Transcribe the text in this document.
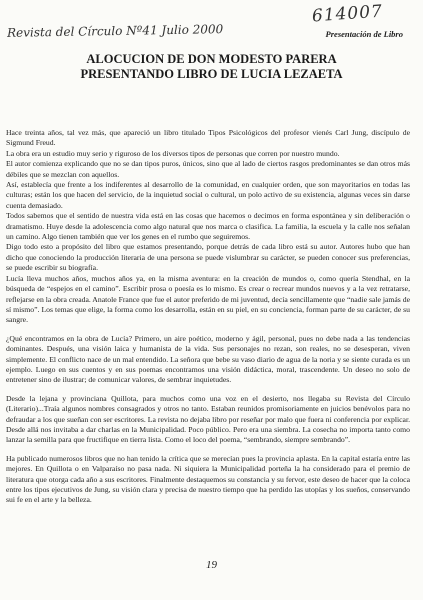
Revista del Círculo Nº41 Julio 2000
614007
Presentación de Libro
ALOCUCION DE DON MODESTO PARERA
PRESENTANDO LIBRO DE LUCIA LEZAETA

Hace treinta años, tal vez más, que apareció un libro titulado Tipos Psicológicos del profesor vienés Carl Jung, discípulo de Sigmund Freud.

La obra era un estudio muy serio y riguroso de los diversos tipos de personas que corren por nuestro mundo.

El autor comienza explicando que no se dan tipos puros, únicos, sino que al lado de ciertos rasgos predominantes se dan otros más débiles que se mezclan con aquellos.

Así, establecía que frente a los indiferentes al desarrollo de la comunidad, en cualquier orden, que son mayoritarios en todas las culturas; están los que hacen del servicio, de la inquietud social o cultural, un polo activo de su existencia, algunas veces sin darse cuenta demasiado.

Todos sabemos que el sentido de nuestra vida está en las cosas que hacemos o decimos en forma espontánea y sin deliberación o dramatismo. Huye desde la adolescencia como algo natural que nos marca o clasifica. La familia, la escuela y la calle nos señalan un camino. Algo tienen también que ver los genes en el rumbo que seguiremos.

Digo todo esto a propósito del libro que estamos presentando, porque detrás de cada libro está su autor. Autores hubo que han dicho que conociendo la producción literaria de una persona se puede vislumbrar su carácter, se pueden conocer sus preferencias, se puede escribir su biografía.

Lucía lleva muchos años, muchos años ya, en la misma aventura: en la creación de mundos o, como quería Stendhal, en la búsqueda de “espejos en el camino”. Escribir prosa o poesía es lo mismo. Es crear o recrear mundos nuevos y a la vez retratarse, reflejarse en la obra creada. Anatole France que fue el autor preferido de mi juventud, decía sencillamente que “nadie sale jamás de sí mismo”. Los temas que elige, la forma como los desarrolla, están en su piel, en su conciencia, forman parte de su carácter, de su sangre.

¿Qué encontramos en la obra de Lucía? Primero, un aire poético, moderno y ágil, personal, pues no debe nada a las tendencias dominantes. Después, una visión laica y humanista de la vida. Sus personajes no rezan, son reales, no se desesperan, viven simplemente. El conflicto nace de un mal entendido. La señora que bebe su vaso diario de agua de la noria y se siente curada es un ejemplo. Luego en sus cuentos y en sus poemas encontramos una visión didáctica, moral, trascendente. Un deseo no solo de entretener sino de ilustrar; de comunicar valores, de sembrar inquietudes.

Desde la lejana y provinciana Quillota, para muchos como una voz en el desierto, nos llegaba su Revista del Círculo (Literario)...Traía algunos nombres consagrados y otros no tanto. Estaban reunidos promisoriamente en juicios benévolos para no defraudar a los que sueñan con ser escritores. La revista no dejaba libro por reseñar por malo que fuera ni conferencia por explicar. Desde allá nos invitaba a dar charlas en la Municipalidad. Poco público. Pero era una siembra. La cosecha no importa tanto como lanzar la semilla para que fructifique en tierra lista. Como el loco del poema, “sembrando, siempre sembrando”.

Ha publicado numerosos libros que no han tenido la crítica que se merecían pues la provincia aplasta. En la capital estaría entre las mejores. En Quillota o en Valparaíso no pasa nada. Ni siquiera la Municipalidad porteña la ha considerado para el premio de literatura que otorga cada año a sus escritores. Finalmente destaquemos su constancia y su fervor, este deseo de hacer que la coloca entre los tipos ejecutivos de Jung, su visión clara y precisa de nuestro tiempo que ha perdido las utopías y los sueños, conservando sui fe en el arte y la belleza.

19
